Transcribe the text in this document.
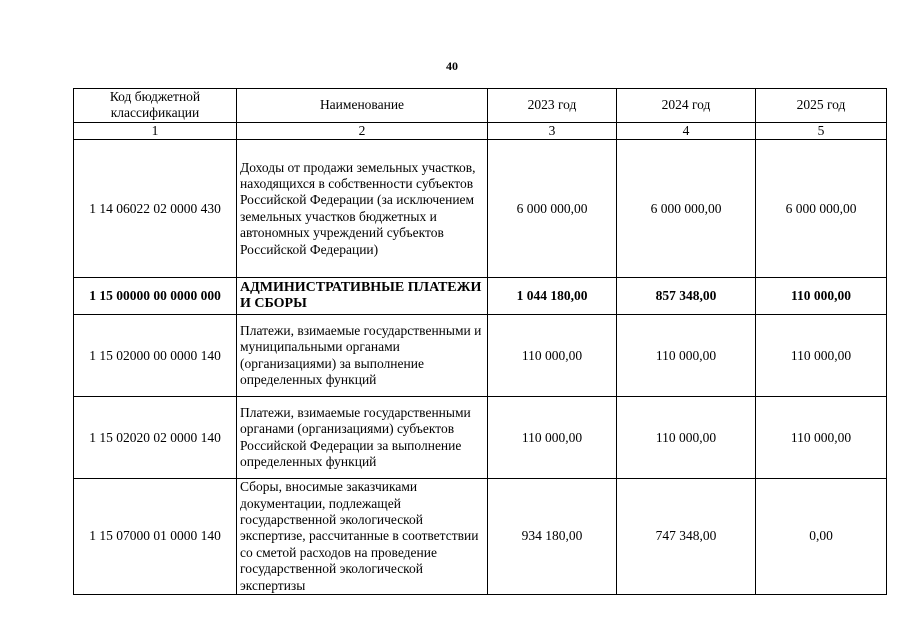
40
Код бюджетной классификации	Наименование	2023 год	2024 год	2025 год
1	2	3	4	5
1 14 06022 02 0000 430	Доходы от продажи земельных участков, находящихся в собственности субъектов Российской Федерации (за исключением земельных участков бюджетных и автономных учреждений субъектов Российской Федерации)	6 000 000,00	6 000 000,00	6 000 000,00
1 15 00000 00 0000 000	АДМИНИСТРАТИВНЫЕ ПЛАТЕЖИ И СБОРЫ	1 044 180,00	857 348,00	110 000,00
1 15 02000 00 0000 140	Платежи, взимаемые государственными и муниципальными органами (организациями) за выполнение определенных функций	110 000,00	110 000,00	110 000,00
1 15 02020 02 0000 140	Платежи, взимаемые государственными органами (организациями) субъектов Российской Федерации за выполнение определенных функций	110 000,00	110 000,00	110 000,00
1 15 07000 01 0000 140	Сборы, вносимые заказчиками документации, подлежащей государственной экологической экспертизе, рассчитанные в соответствии со сметой расходов на проведение государственной экологической экспертизы	934 180,00	747 348,00	0,00
